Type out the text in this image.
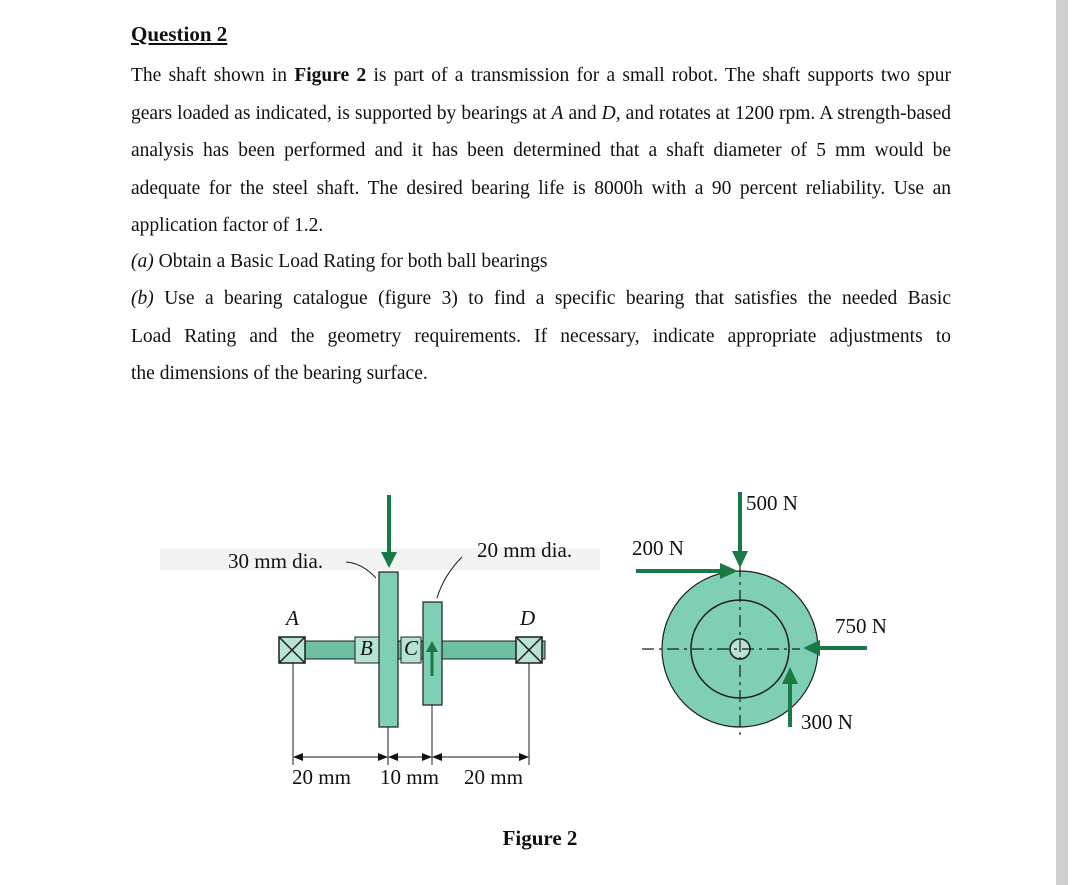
Question 2
The shaft shown in Figure 2 is part of a transmission for a small robot. The shaft supports two spur gears loaded as indicated, is supported by bearings at A and D, and rotates at 1200 rpm. A strength-based analysis has been performed and it has been determined that a shaft diameter of 5 mm would be adequate for the steel shaft. The desired bearing life is 8000h with a 90 percent reliability. Use an application factor of 1.2.
(a) Obtain a Basic Load Rating for both ball bearings
(b) Use a bearing catalogue (figure 3) to find a specific bearing that satisfies the needed Basic
Load Rating and the geometry requirements. If necessary, indicate appropriate adjustments to
the dimensions of the bearing surface.
30 mm dia.	20 mm dia.
A
B C
D
20 mm 10 mm 20 mm
200 N
500 N
750 N
300 N
Figure 2
